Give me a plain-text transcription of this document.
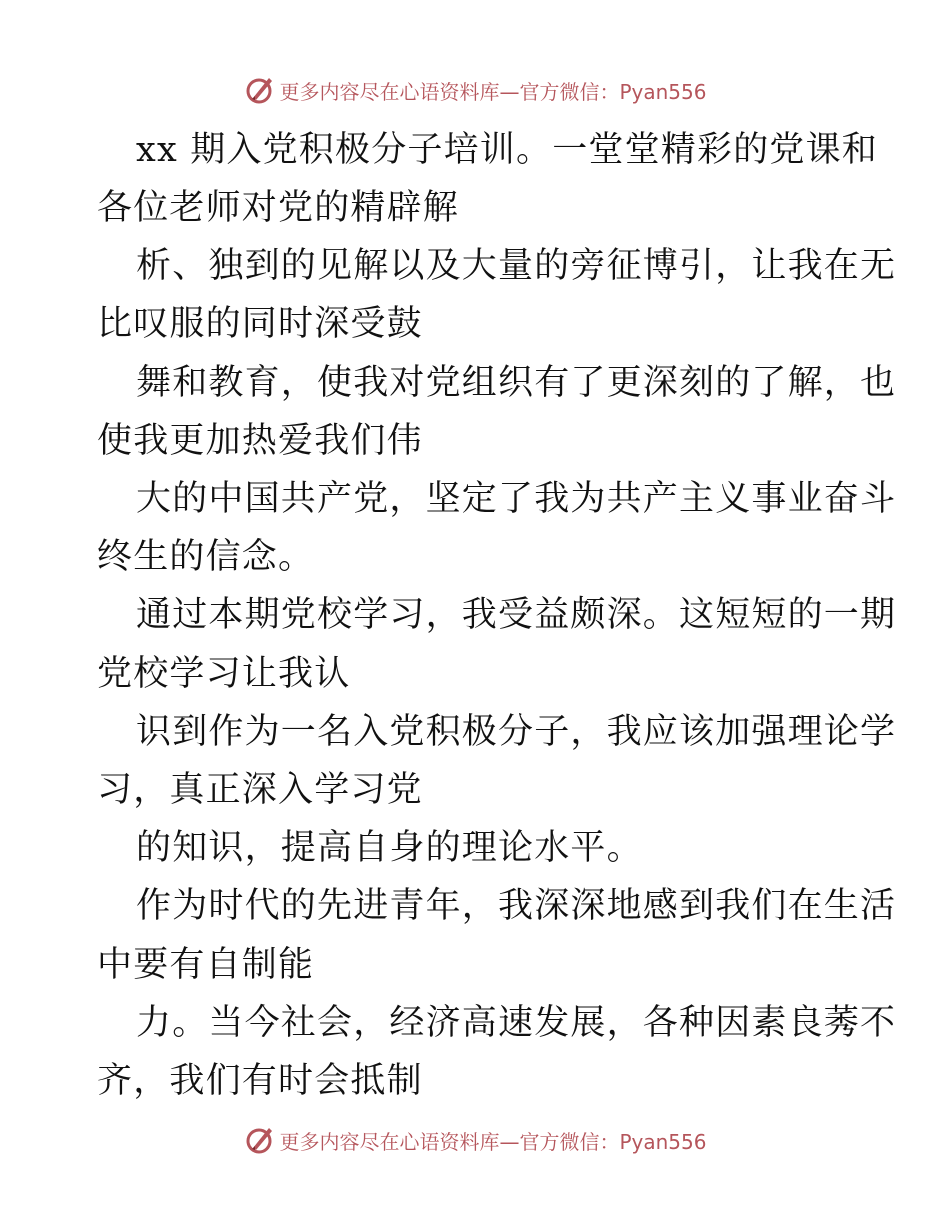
更多内容尽在心语资料库—官方微信：Pyan556
xx 期入党积极分子培训。一堂堂精彩的党课和
各位老师对党的精辟解
析、独到的见解以及大量的旁征博引，让我在无
比叹服的同时深受鼓
舞和教育，使我对党组织有了更深刻的了解，也
使我更加热爱我们伟
大的中国共产党，坚定了我为共产主义事业奋斗
终生的信念。
通过本期党校学习，我受益颇深。这短短的一期
党校学习让我认
识到作为一名入党积极分子，我应该加强理论学
习，真正深入学习党
的知识，提高自身的理论水平。
作为时代的先进青年，我深深地感到我们在生活
中要有自制能
力。当今社会，经济高速发展，各种因素良莠不
齐，我们有时会抵制
更多内容尽在心语资料库—官方微信：Pyan556
